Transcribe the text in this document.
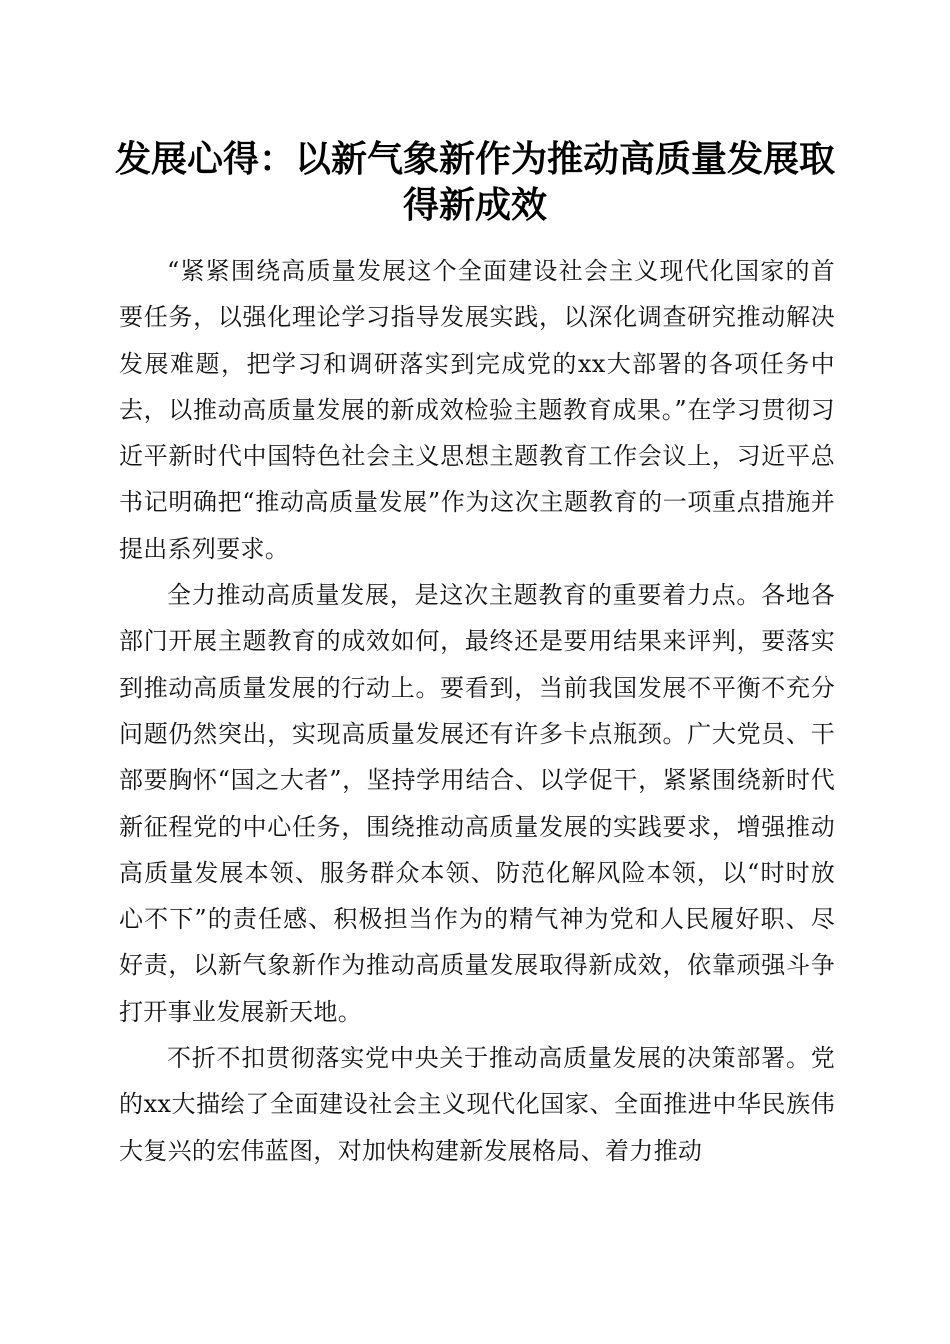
发展心得：以新气象新作为推动高质量发展取得新成效

“紧紧围绕高质量发展这个全面建设社会主义现代化国家的首要任务，以强化理论学习指导发展实践，以深化调查研究推动解决发展难题，把学习和调研落实到完成党的xx大部署的各项任务中去，以推动高质量发展的新成效检验主题教育成果。”在学习贯彻习近平新时代中国特色社会主义思想主题教育工作会议上，习近平总书记明确把“推动高质量发展”作为这次主题教育的一项重点措施并提出系列要求。

全力推动高质量发展，是这次主题教育的重要着力点。各地各部门开展主题教育的成效如何，最终还是要用结果来评判，要落实到推动高质量发展的行动上。要看到，当前我国发展不平衡不充分问题仍然突出，实现高质量发展还有许多卡点瓶颈。广大党员、干部要胸怀“国之大者”，坚持学用结合、以学促干，紧紧围绕新时代新征程党的中心任务，围绕推动高质量发展的实践要求，增强推动高质量发展本领、服务群众本领、防范化解风险本领，以“时时放心不下”的责任感、积极担当作为的精气神为党和人民履好职、尽好责，以新气象新作为推动高质量发展取得新成效，依靠顽强斗争打开事业发展新天地。

不折不扣贯彻落实党中央关于推动高质量发展的决策部署。党的xx大描绘了全面建设社会主义现代化国家、全面推进中华民族伟大复兴的宏伟蓝图，对加快构建新发展格局、着力推动
